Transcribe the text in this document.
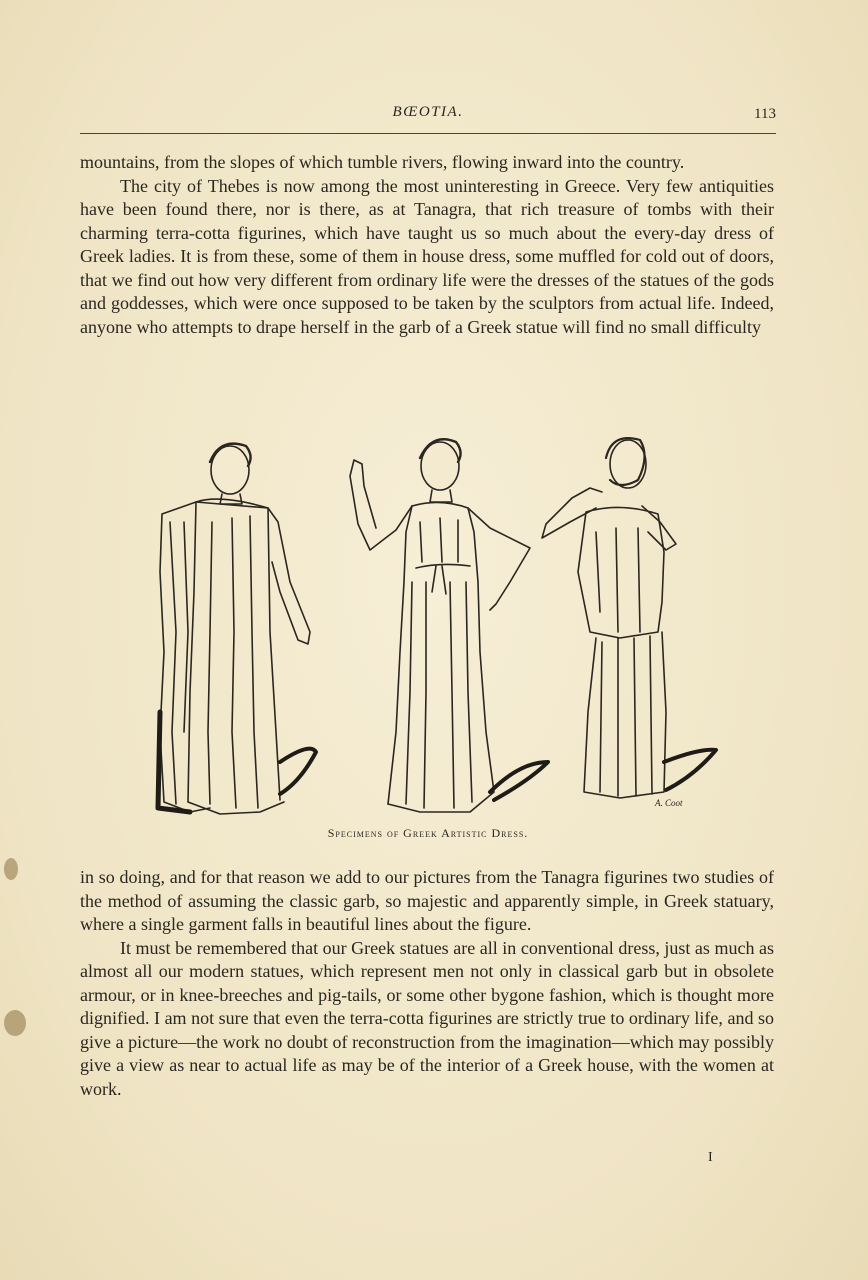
BŒOTIA.	113

mountains, from the slopes of which tumble rivers, flowing inward into the country.

The city of Thebes is now among the most uninteresting in Greece. Very few antiquities have been found there, nor is there, as at Tanagra, that rich treasure of tombs with their charming terra-cotta figurines, which have taught us so much about the every-day dress of Greek ladies. It is from these, some of them in house dress, some muffled for cold out of doors, that we find out how very different from ordinary life were the dresses of the statues of the gods and goddesses, which were once supposed to be taken by the sculptors from actual life. Indeed, anyone who attempts to drape herself in the garb of a Greek statue will find no small difficulty

A. Coot
Specimens of Greek Artistic Dress.

in so doing, and for that reason we add to our pictures from the Tanagra figurines two studies of the method of assuming the classic garb, so majestic and apparently simple, in Greek statuary, where a single garment falls in beautiful lines about the figure.

It must be remembered that our Greek statues are all in conventional dress, just as much as almost all our modern statues, which represent men not only in classical garb but in obsolete armour, or in knee-breeches and pig-tails, or some other bygone fashion, which is thought more dignified. I am not sure that even the terra-cotta figurines are strictly true to ordinary life, and so give a picture—the work no doubt of reconstruction from the imagination—which may possibly give a view as near to actual life as may be of the interior of a Greek house, with the women at work.

I
